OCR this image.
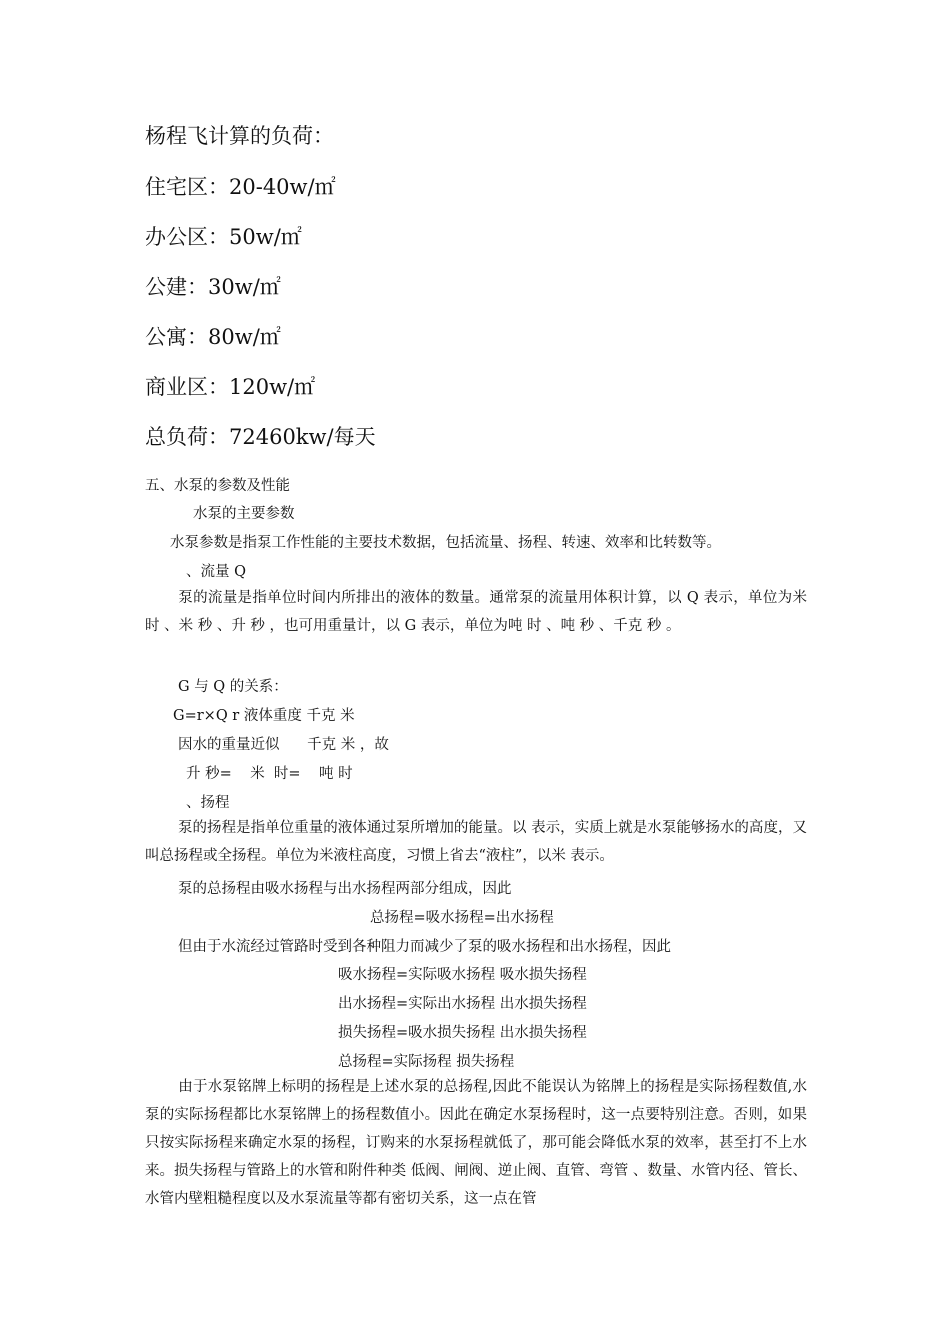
杨程飞计算的负荷：
住宅区：20-40w/㎡
办公区：50w/㎡
公建：30w/㎡
公寓：80w/㎡
商业区：120w/㎡
总负荷：72460kw/每天
五、水泵的参数及性能
水泵的主要参数
水泵参数是指泵工作性能的主要技术数据，包括流量、扬程、转速、效率和比转数等。
、流量 Q
泵的流量是指单位时间内所排出的液体的数量。通常泵的流量用体积计算，以 Q 表示，单位为米 时 、米 秒 、升 秒 ，也可用重量计，以 G 表示，单位为吨 时 、吨 秒 、千克 秒 。
G 与 Q 的关系：
G=r×Q r 液体重度 千克 米
因水的重量近似      千克 米 ，故
升 秒=    米  时=    吨 时
、扬程
泵的扬程是指单位重量的液体通过泵所增加的能量。以 表示，实质上就是水泵能够扬水的高度，又叫总扬程或全扬程。单位为米液柱高度，习惯上省去“液柱”，以米 表示。
泵的总扬程由吸水扬程与出水扬程两部分组成，因此
总扬程=吸水扬程=出水扬程
但由于水流经过管路时受到各种阻力而减少了泵的吸水扬程和出水扬程，因此
吸水扬程=实际吸水扬程 吸水损失扬程
出水扬程=实际出水扬程 出水损失扬程
损失扬程=吸水损失扬程 出水损失扬程
总扬程=实际扬程 损失扬程
由于水泵铭牌上标明的扬程是上述水泵的总扬程,因此不能误认为铭牌上的扬程是实际扬程数值,水泵的实际扬程都比水泵铭牌上的扬程数值小。因此在确定水泵扬程时，这一点要特别注意。否则，如果只按实际扬程来确定水泵的扬程，订购来的水泵扬程就低了，那可能会降低水泵的效率，甚至打不上水来。损失扬程与管路上的水管和附件种类 低阀、闸阀、逆止阀、直管、弯管 、数量、水管内径、管长、水管内壁粗糙程度以及水泵流量等都有密切关系，这一点在管
